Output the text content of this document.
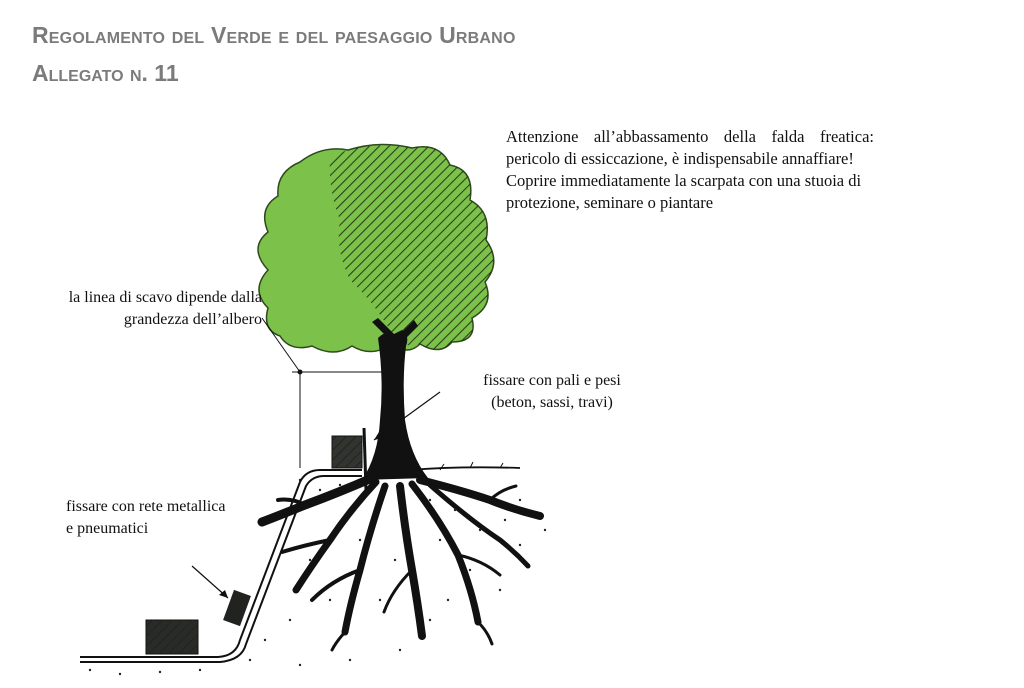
Regolamento del Verde e del paesaggio Urbano
Allegato n. 11

Attenzione all’abbassamento della falda freatica: pericolo di essiccazione, è indispensabile annaffiare!

Coprire immediatamente la scarpata con una stuoia di protezione, seminare o piantare

la linea di scavo dipende dalla grandezza dell’albero
fissare con pali e pesi
(beton, sassi, travi)
fissare con rete metallica
e pneumatici
